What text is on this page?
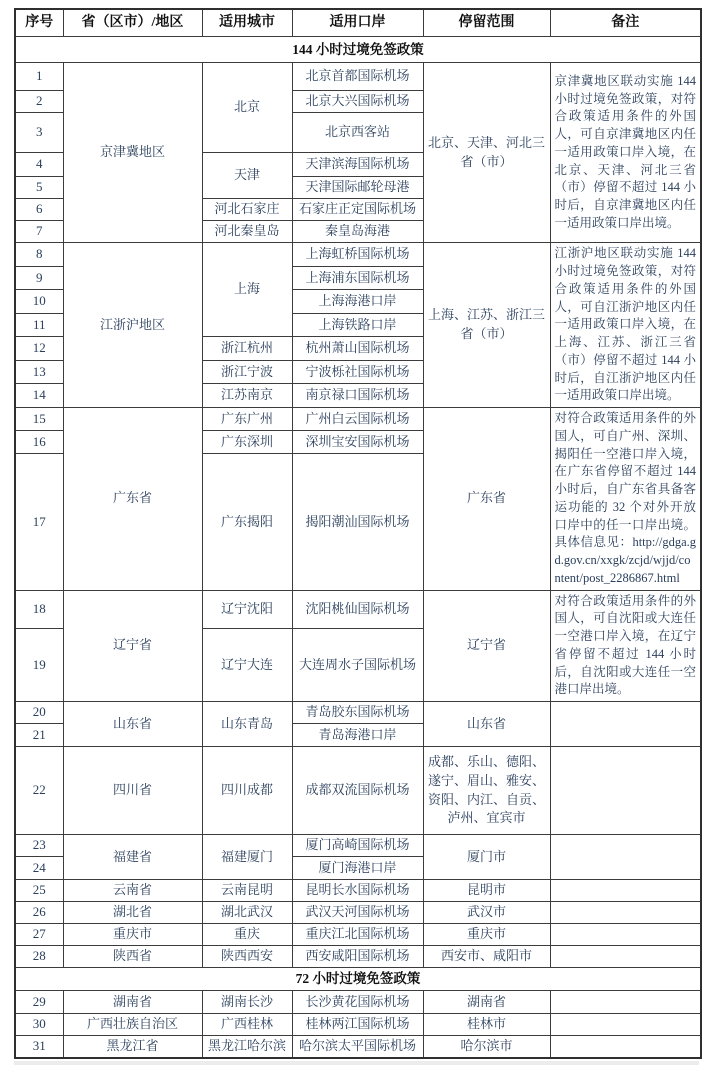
序号	省（区市）/地区	适用城市	适用口岸	停留范围	备注
144 小时过境免签政策					
1	京津冀地区	北京	北京首都国际机场	北京、天津、河北三省（市）	京津冀地区联动实施 144 小时过境免签政策，对符合政策适用条件的外国人，可自京津冀地区内任一适用政策口岸入境，在北京、天津、河北三省（市）停留不超过 144 小时后，自京津冀地区内任一适用政策口岸出境。
2			北京大兴国际机场		
3			北京西客站		
4		天津	天津滨海国际机场		
5			天津国际邮轮母港		
6		河北石家庄	石家庄正定国际机场		
7		河北秦皇岛	秦皇岛海港		
8	江浙沪地区	上海	上海虹桥国际机场	上海、江苏、浙江三省（市）	江浙沪地区联动实施 144 小时过境免签政策，对符合政策适用条件的外国人，可自江浙沪地区内任一适用政策口岸入境，在上海、江苏、浙江三省（市）停留不超过 144 小时后，自江浙沪地区内任一适用政策口岸出境。
9			上海浦东国际机场		
10			上海海港口岸		
11			上海铁路口岸		
12		浙江杭州	杭州萧山国际机场		
13		浙江宁波	宁波栎社国际机场		
14		江苏南京	南京禄口国际机场		
15	广东省	广东广州	广州白云国际机场	广东省	对符合政策适用条件的外国人，可自广州、深圳、揭阳任一空港口岸入境，在广东省停留不超过 144 小时后，自广东省具备客运功能的 32 个对外开放口岸中的任一口岸出境。具体信息见：http://gdga.gd.gov.cn/xxgk/zcjd/wjjd/content/post_2286867.html
16		广东深圳	深圳宝安国际机场		
17		广东揭阳	揭阳潮汕国际机场		
18	辽宁省	辽宁沈阳	沈阳桃仙国际机场	辽宁省	对符合政策适用条件的外国人，可自沈阳或大连任一空港口岸入境，在辽宁省停留不超过 144 小时后，自沈阳或大连任一空港口岸出境。
19		辽宁大连	大连周水子国际机场		
20	山东省	山东青岛	青岛胶东国际机场	山东省	
21			青岛海港口岸		
22	四川省	四川成都	成都双流国际机场	成都、乐山、德阳、遂宁、眉山、雅安、资阳、内江、自贡、泸州、宜宾市	
23	福建省	福建厦门	厦门高崎国际机场	厦门市	
24			厦门海港口岸		
25	云南省	云南昆明	昆明长水国际机场	昆明市	
26	湖北省	湖北武汉	武汉天河国际机场	武汉市	
27	重庆市	重庆	重庆江北国际机场	重庆市	
28	陕西省	陕西西安	西安咸阳国际机场	西安市、咸阳市	
72 小时过境免签政策					
29	湖南省	湖南长沙	长沙黄花国际机场	湖南省	
30	广西壮族自治区	广西桂林	桂林两江国际机场	桂林市	
31	黑龙江省	黑龙江哈尔滨	哈尔滨太平国际机场	哈尔滨市	
